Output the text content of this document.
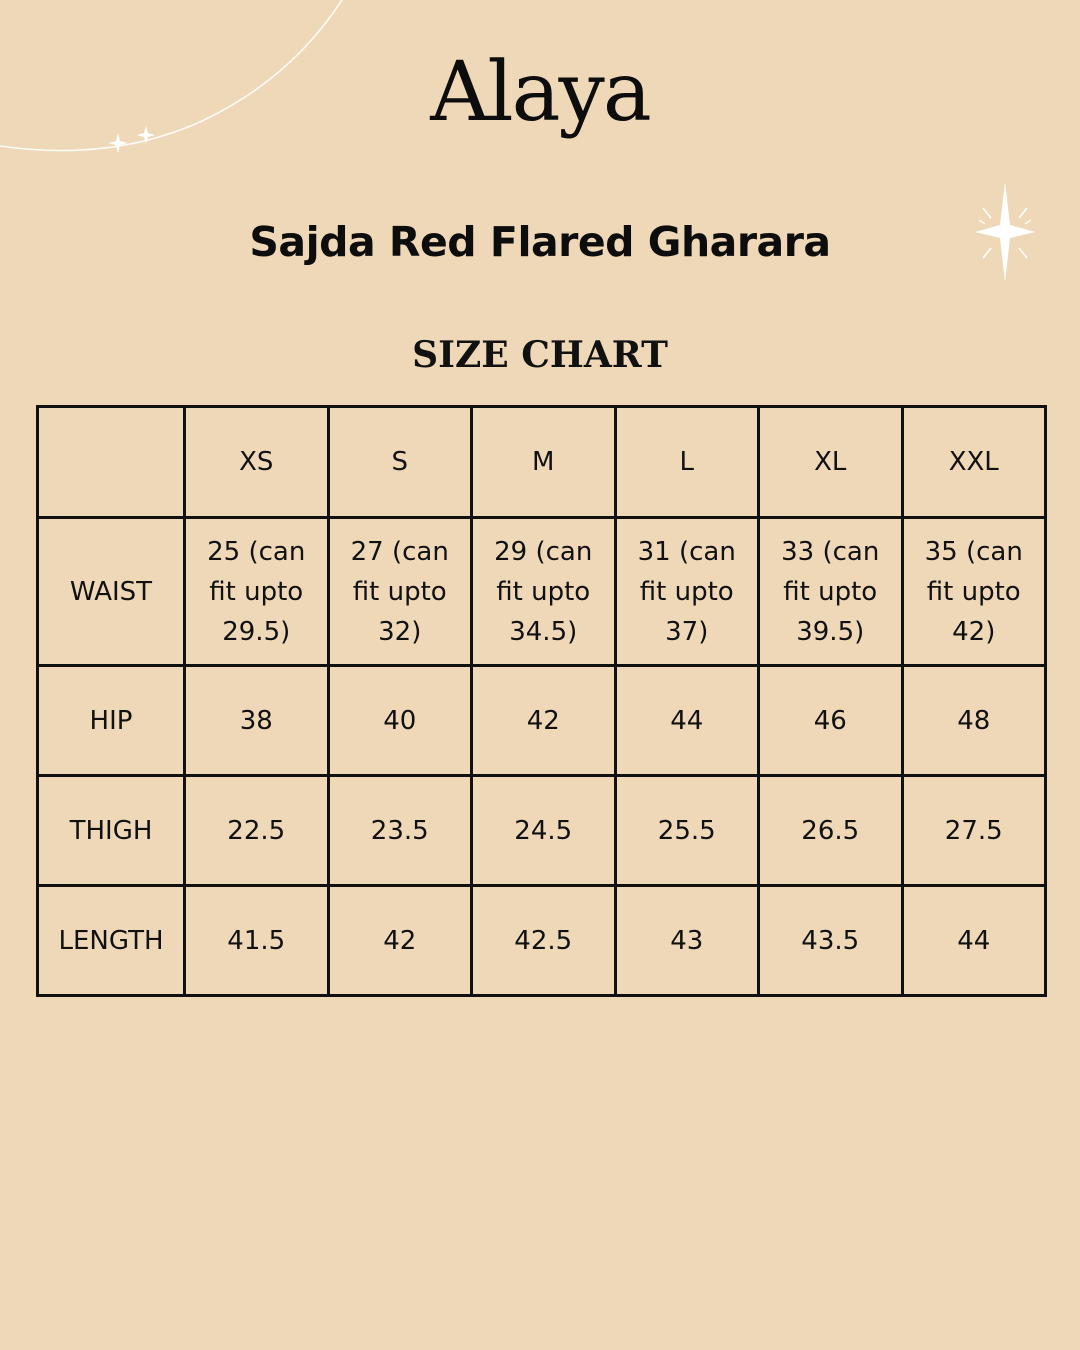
Alaya
Sajda Red Flared Gharara
SIZE CHART
	XS	S	M	L	XL	XXL
WAIST	25 (can fit upto 29.5)	27 (can fit upto 32)	29 (can fit upto 34.5)	31 (can fit upto 37)	33 (can fit upto 39.5)	35 (can fit upto 42)
HIP	38	40	42	44	46	48
THIGH	22.5	23.5	24.5	25.5	26.5	27.5
LENGTH	41.5	42	42.5	43	43.5	44
